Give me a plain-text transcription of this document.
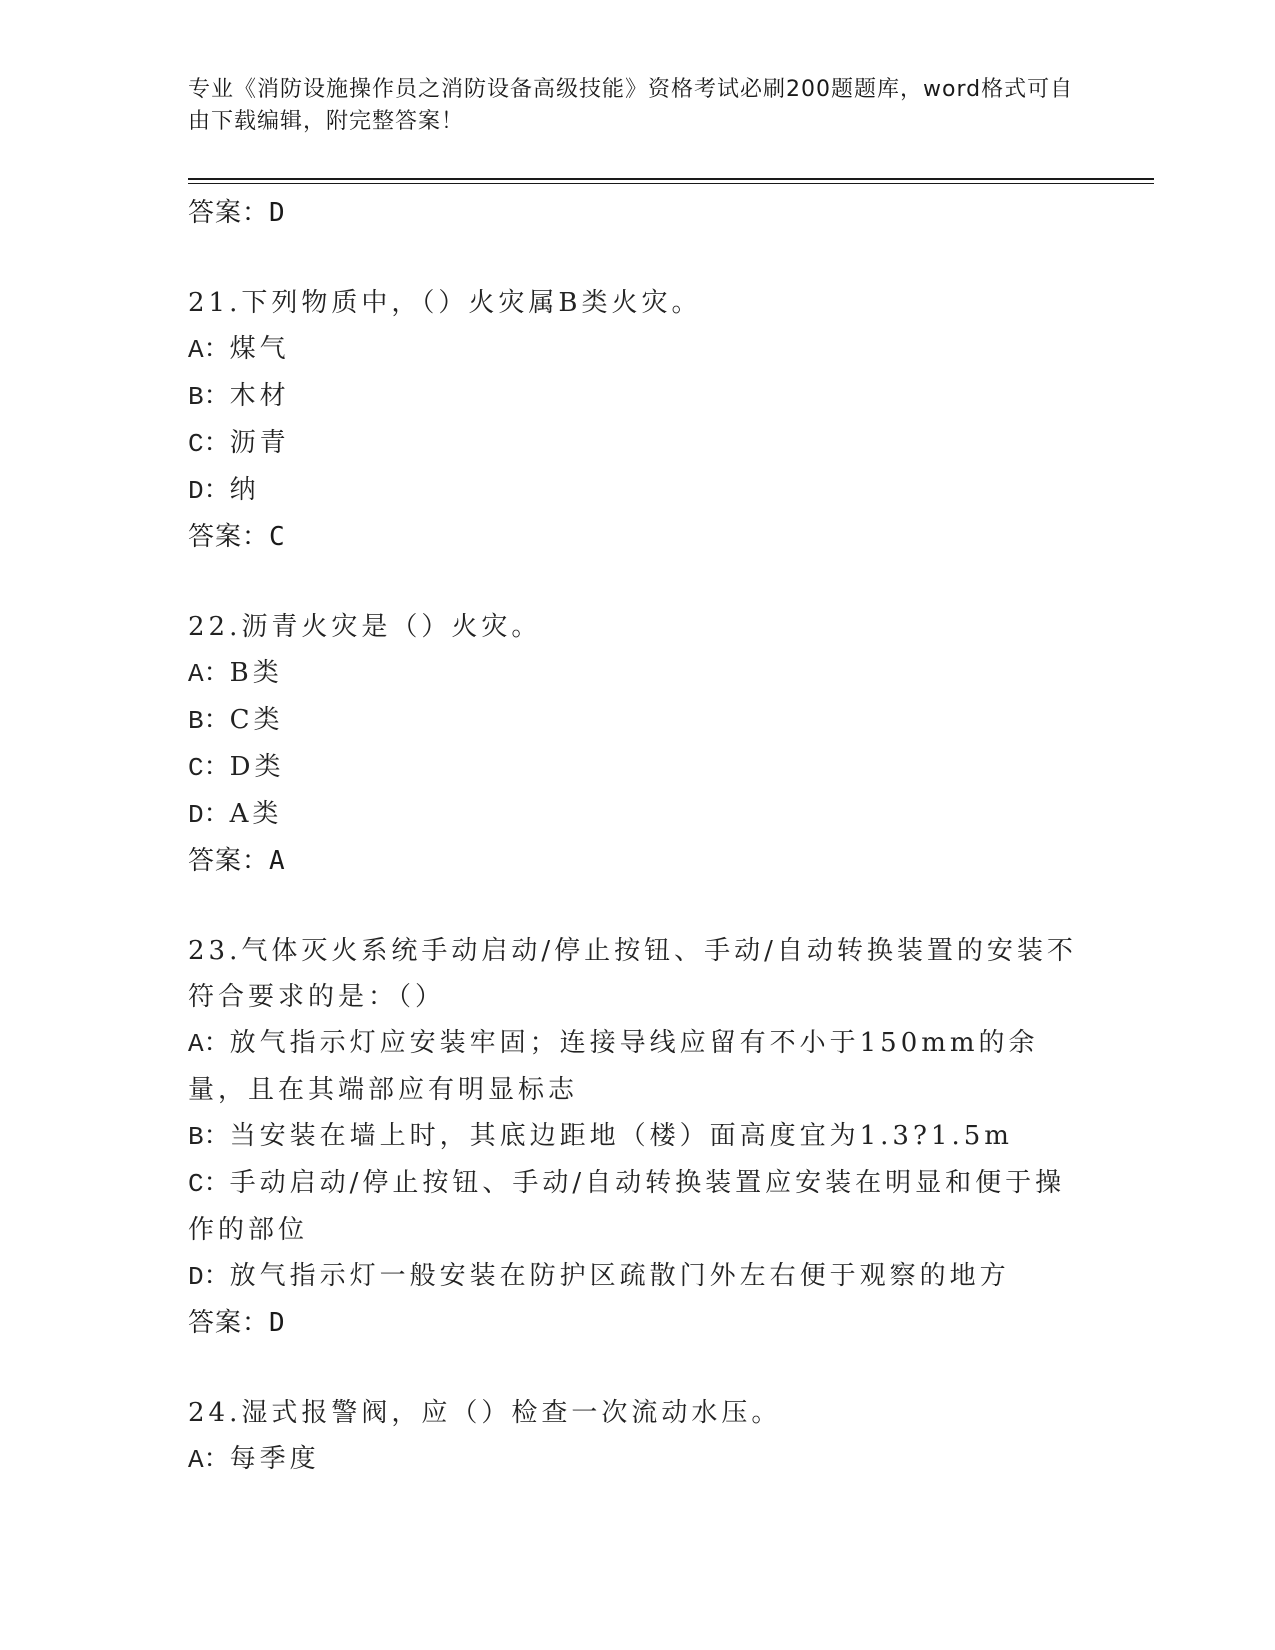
专业《消防设施操作员之消防设备高级技能》资格考试必刷200题题库，word格式可自由下载编辑，附完整答案！
答案：D
21.下列物质中，（）火灾属B类火灾。
A：煤气
B：木材
C：沥青
D：纳
答案：C
22.沥青火灾是（）火灾。
A：B类
B：C类
C：D类
D：A类
答案：A
23.气体灭火系统手动启动/停止按钮、手动/自动转换装置的安装不符合要求的是：（）
A：放气指示灯应安装牢固；连接导线应留有不小于150mm的余量，且在其端部应有明显标志
B：当安装在墙上时，其底边距地（楼）面高度宜为1.3?1.5m
C：手动启动/停止按钮、手动/自动转换装置应安装在明显和便于操作的部位
D：放气指示灯一般安装在防护区疏散门外左右便于观察的地方
答案：D
24.湿式报警阀，应（）检查一次流动水压。
A：每季度
